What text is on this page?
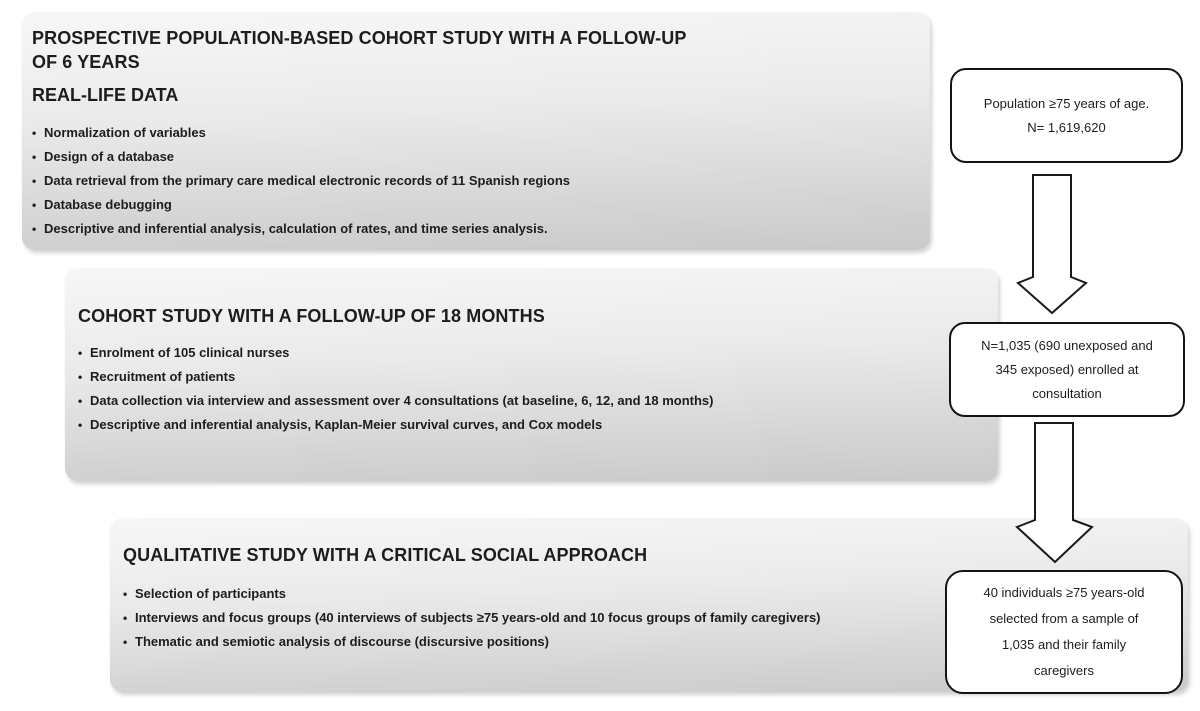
PROSPECTIVE POPULATION-BASED COHORT STUDY WITH A FOLLOW-UP
OF 6 YEARS
REAL-LIFE DATA
• Normalization of variables
• Design of a database
• Data retrieval from the primary care medical electronic records of 11 Spanish regions
• Database debugging
• Descriptive and inferential analysis, calculation of rates, and time series analysis.
COHORT STUDY WITH A FOLLOW-UP OF 18 MONTHS
• Enrolment of 105 clinical nurses
• Recruitment of patients
• Data collection via interview and assessment over 4 consultations (at baseline, 6, 12, and 18 months)
• Descriptive and inferential analysis, Kaplan-Meier survival curves, and Cox models
QUALITATIVE STUDY WITH A CRITICAL SOCIAL APPROACH
• Selection of participants
• Interviews and focus groups (40 interviews of subjects ≥75 years-old and 10 focus groups of family caregivers)
• Thematic and semiotic analysis of discourse (discursive positions)
Population ≥75 years of age.
N= 1,619,620
N=1,035 (690 unexposed and
345 exposed) enrolled at
consultation
40 individuals ≥75 years-old
selected from a sample of
1,035 and their family
caregivers
